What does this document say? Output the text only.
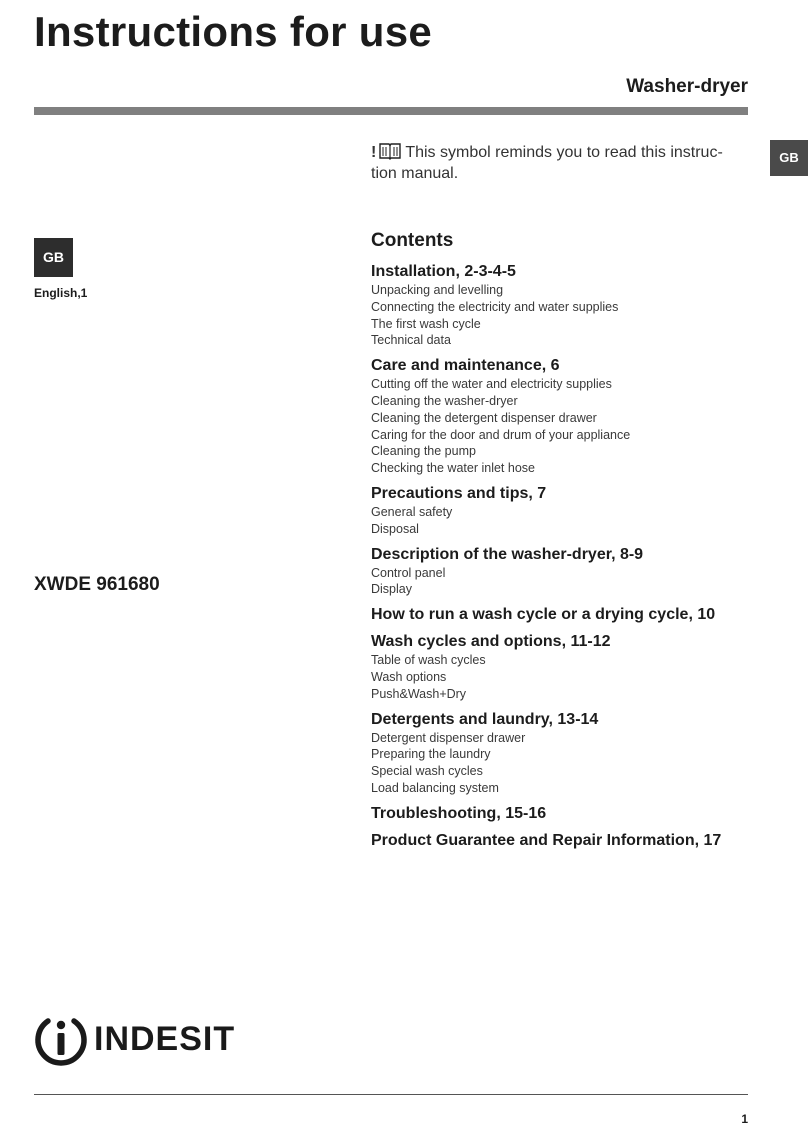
Instructions for use
Washer-dryer
GB
! This symbol reminds you to read this instruc-tion manual.
GB
English,1
XWDE 961680
Contents
Installation, 2-3-4-5
Unpacking and levelling
Connecting the electricity and water supplies
The first wash cycle
Technical data
Care and maintenance, 6
Cutting off the water and electricity supplies
Cleaning the washer-dryer
Cleaning the detergent dispenser drawer
Caring for the door and drum of your appliance
Cleaning the pump
Checking the water inlet hose
Precautions and tips, 7
General safety
Disposal
Description of the washer-dryer, 8-9
Control panel
Display
How to run a wash cycle or a drying cycle, 10
Wash cycles and options, 11-12
Table of wash cycles
Wash options
Push&Wash+Dry
Detergents and laundry, 13-14
Detergent dispenser drawer
Preparing the laundry
Special wash cycles
Load balancing system
Troubleshooting, 15-16
Product Guarantee and Repair Information, 17
INDESIT
1
